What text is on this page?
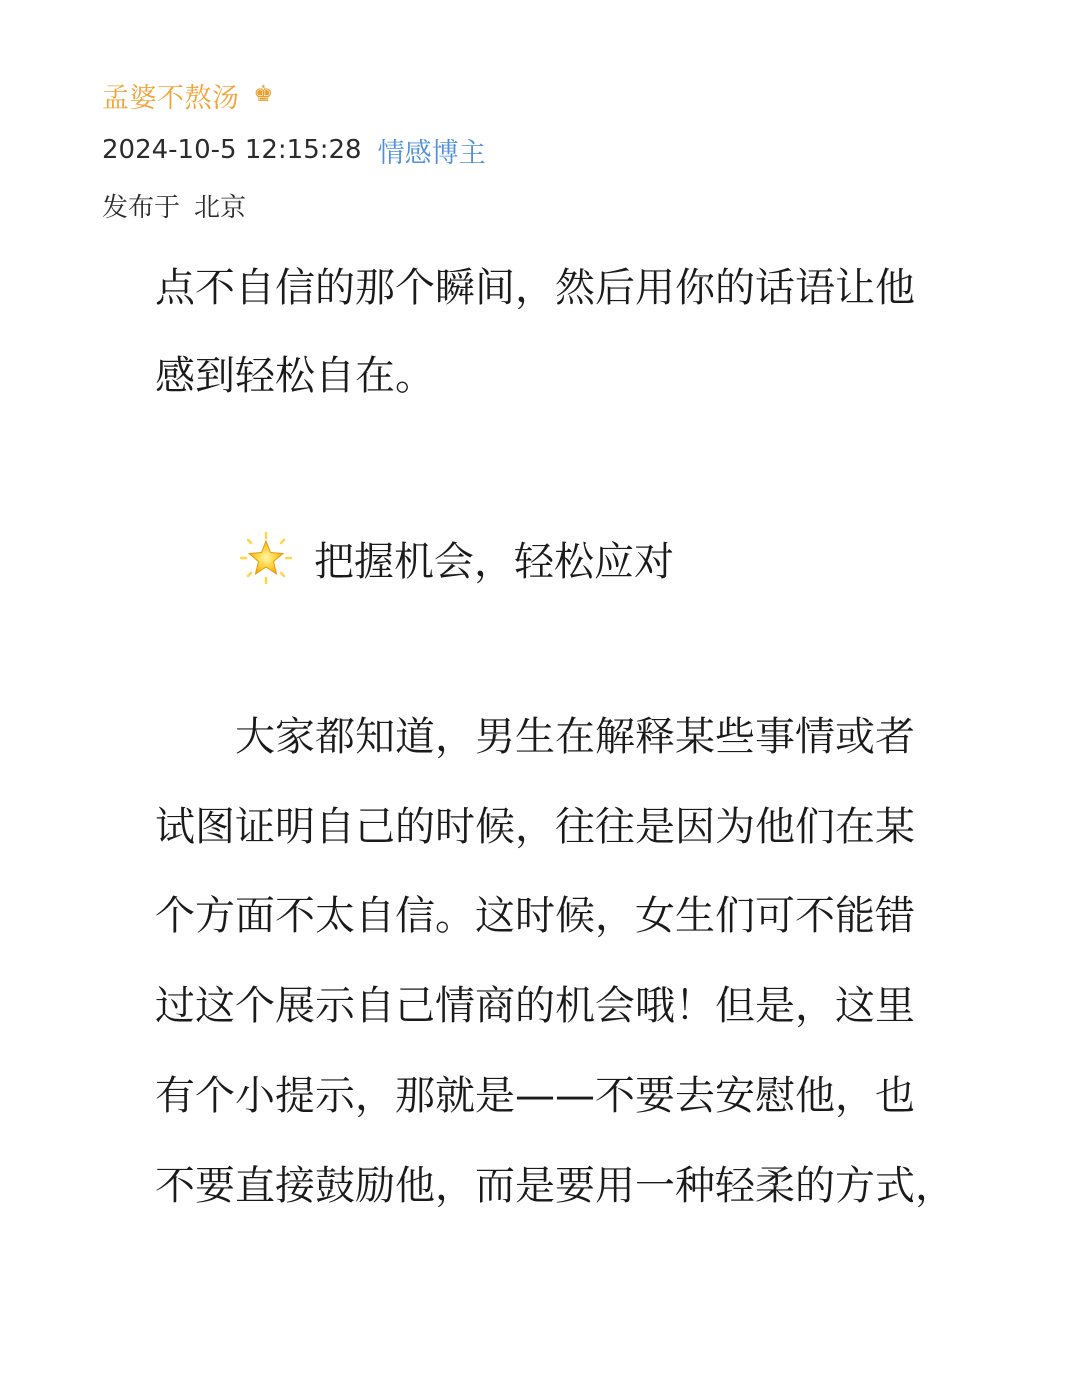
孟婆不熬汤 ♚
2024-10-5 12:15:28 情感博主
发布于 北京
点不自信的那个瞬间，然后用你的话语让他
感到轻松自在。
　　大家都知道，男生在解释某些事情或者
试图证明自己的时候，往往是因为他们在某
个方面不太自信。这时候，女生们可不能错
过这个展示自己情商的机会哦！但是，这里
有个小提示，那就是——不要去安慰他，也
不要直接鼓励他，而是要用一种轻柔的方式，
把握机会，轻松应对
